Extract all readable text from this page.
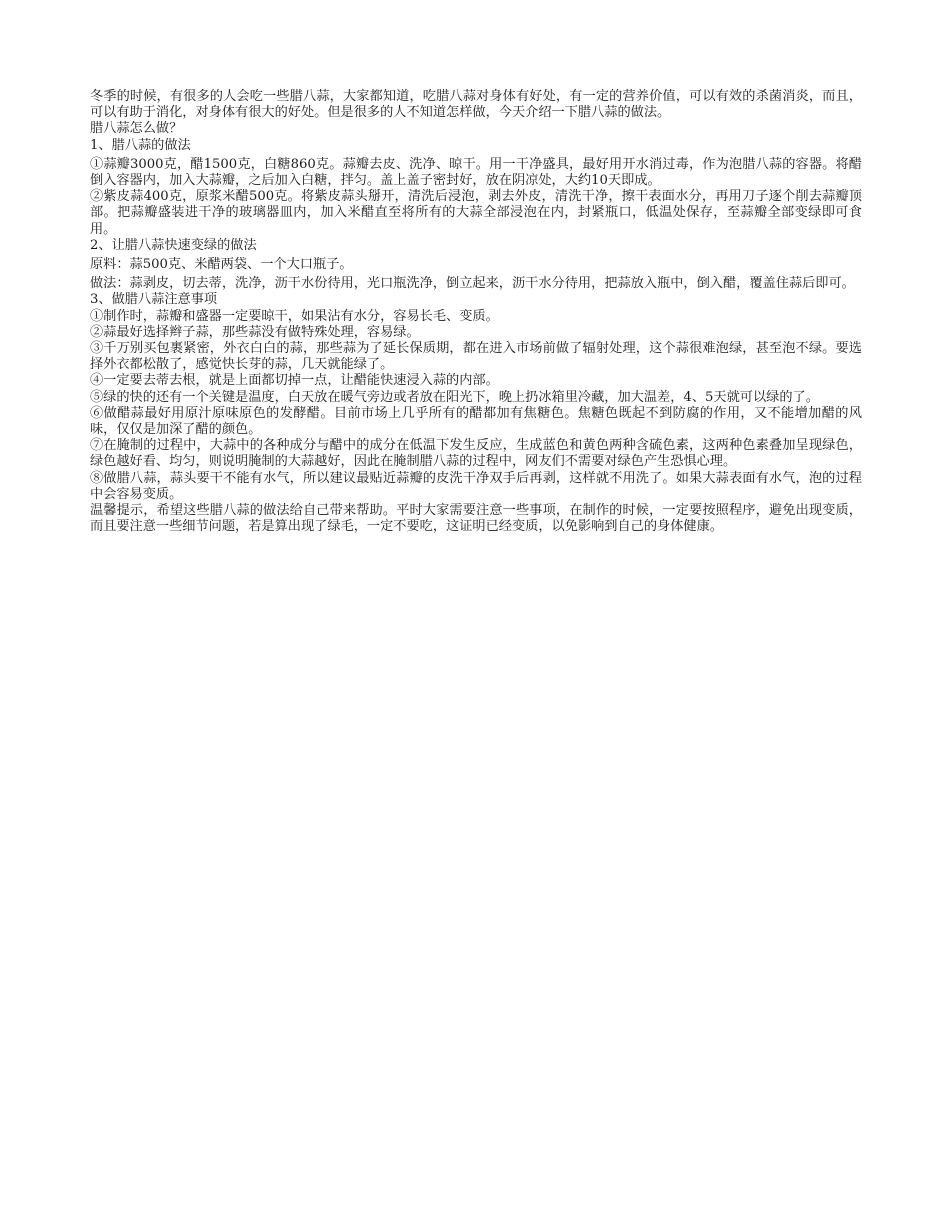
冬季的时候，有很多的人会吃一些腊八蒜，大家都知道，吃腊八蒜对身体有好处，有一定的营养价值，可以有效的杀菌消炎，而且，可以有助于消化，对身体有很大的好处。但是很多的人不知道怎样做，今天介绍一下腊八蒜的做法。

腊八蒜怎么做？

1、腊八蒜的做法

①蒜瓣3000克，醋1500克，白糖860克。蒜瓣去皮、洗净、晾干。用一干净盛具，最好用开水消过毒，作为泡腊八蒜的容器。将醋倒入容器内，加入大蒜瓣，之后加入白糖，拌匀。盖上盖子密封好，放在阴凉处，大约10天即成。

②紫皮蒜400克，原浆米醋500克。将紫皮蒜头掰开，清洗后浸泡，剥去外皮，清洗干净，擦干表面水分，再用刀子逐个削去蒜瓣顶部。把蒜瓣盛装进干净的玻璃器皿内，加入米醋直至将所有的大蒜全部浸泡在内，封紧瓶口，低温处保存，至蒜瓣全部变绿即可食用。

2、让腊八蒜快速变绿的做法

原料：蒜500克、米醋两袋、一个大口瓶子。

做法：蒜剥皮，切去蒂，洗净，沥干水份待用，光口瓶洗净，倒立起来，沥干水分待用，把蒜放入瓶中，倒入醋，覆盖住蒜后即可。

3、做腊八蒜注意事项

①制作时，蒜瓣和盛器一定要晾干，如果沾有水分，容易长毛、变质。

②蒜最好选择辫子蒜，那些蒜没有做特殊处理，容易绿。

③千万别买包裹紧密，外衣白白的蒜，那些蒜为了延长保质期，都在进入市场前做了辐射处理，这个蒜很难泡绿，甚至泡不绿。要选择外衣都松散了，感觉快长芽的蒜，几天就能绿了。

④一定要去蒂去根，就是上面都切掉一点，让醋能快速浸入蒜的内部。

⑤绿的快的还有一个关键是温度，白天放在暖气旁边或者放在阳光下，晚上扔冰箱里冷藏，加大温差，4、5天就可以绿的了。

⑥做醋蒜最好用原汁原味原色的发酵醋。目前市场上几乎所有的醋都加有焦糖色。焦糖色既起不到防腐的作用，又不能增加醋的风味，仅仅是加深了醋的颜色。

⑦在腌制的过程中，大蒜中的各种成分与醋中的成分在低温下发生反应，生成蓝色和黄色两种含硫色素，这两种色素叠加呈现绿色，绿色越好看、均匀，则说明腌制的大蒜越好，因此在腌制腊八蒜的过程中，网友们不需要对绿色产生恐惧心理。

⑧做腊八蒜，蒜头要干不能有水气，所以建议最贴近蒜瓣的皮洗干净双手后再剥，这样就不用洗了。如果大蒜表面有水气，泡的过程中会容易变质。

温馨提示，希望这些腊八蒜的做法给自己带来帮助。平时大家需要注意一些事项，在制作的时候，一定要按照程序，避免出现变质，而且要注意一些细节问题，若是算出现了绿毛，一定不要吃，这证明已经变质，以免影响到自己的身体健康。
